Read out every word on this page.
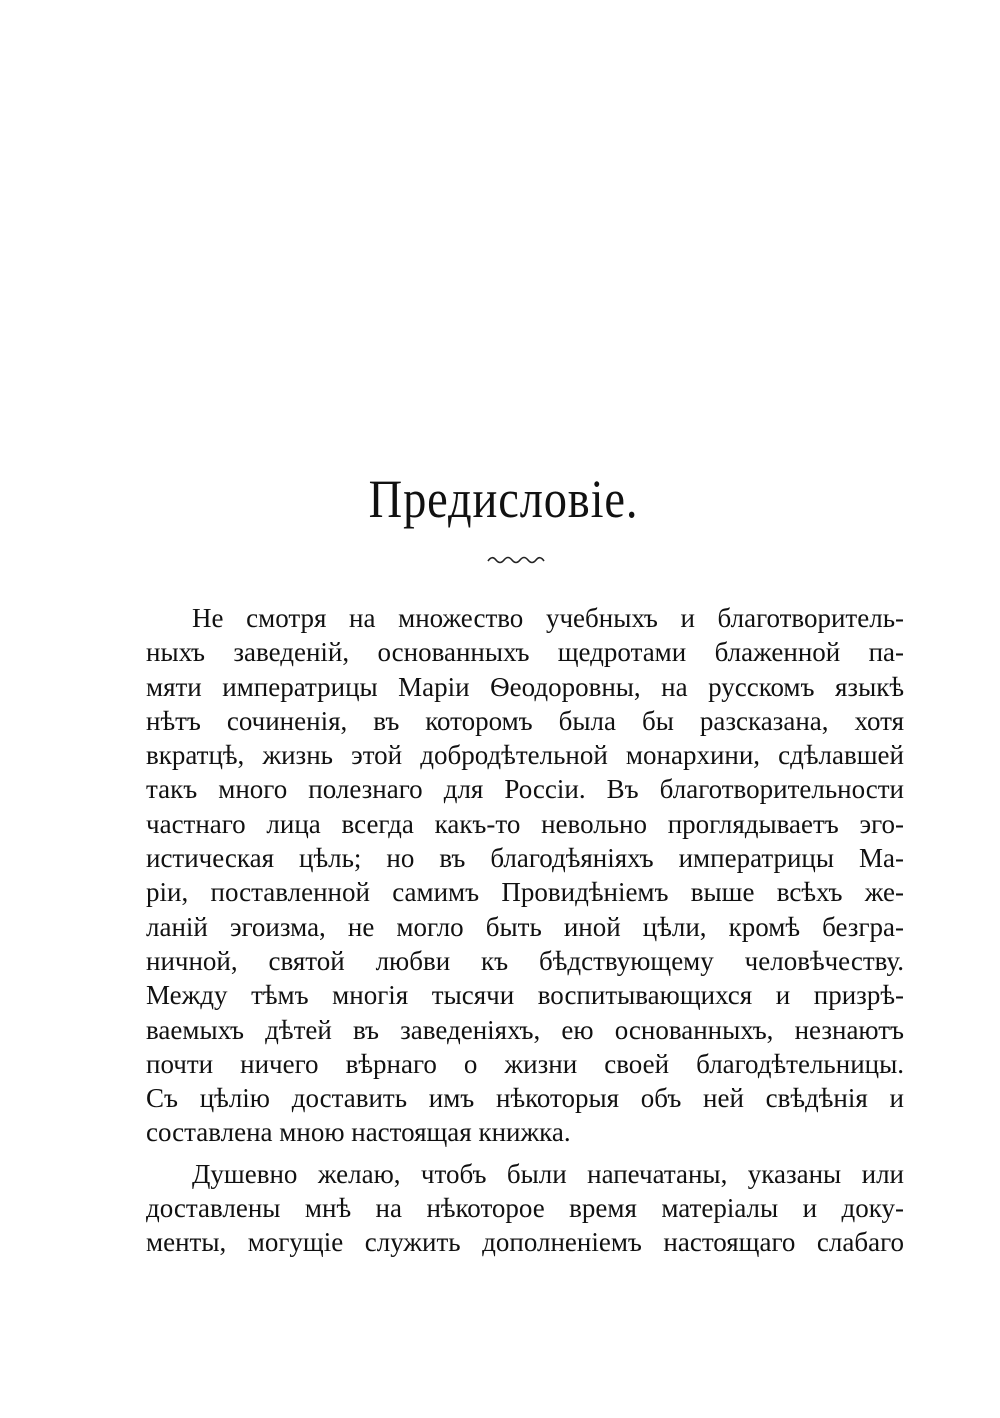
Предисловіе.
Не смотря на множество учебныхъ и благотворитель-
ныхъ заведеній, основанныхъ щедротами блаженной па-
мяти императрицы Маріи Ѳеодоровны, на русскомъ языкѣ
нѣтъ сочиненія, въ которомъ была бы разсказана, хотя
вкратцѣ, жизнь этой добродѣтельной монархини, сдѣлавшей
такъ много полезнаго для Россіи. Въ благотворительности
частнаго лица всегда какъ-то невольно проглядываетъ эго-
истическая цѣль; но въ благодѣяніяхъ императрицы Ма-
ріи, поставленной самимъ Провидѣніемъ выше всѣхъ же-
ланій эгоизма, не могло быть иной цѣли, кромѣ безгра-
ничной, святой любви къ бѣдствующему человѣчеству.
Между тѣмъ многія тысячи воспитывающихся и призрѣ-
ваемыхъ дѣтей въ заведеніяхъ, ею основанныхъ, незнаютъ
почти ничего вѣрнаго о жизни своей благодѣтельницы.
Съ цѣлію доставить имъ нѣкоторыя объ ней свѣдѣнія и
составлена мною настоящая книжка.
Душевно желаю, чтобъ были напечатаны, указаны или
доставлены мнѣ на нѣкоторое время матеріалы и доку-
менты, могущіе служить дополненіемъ настоящаго слабаго
